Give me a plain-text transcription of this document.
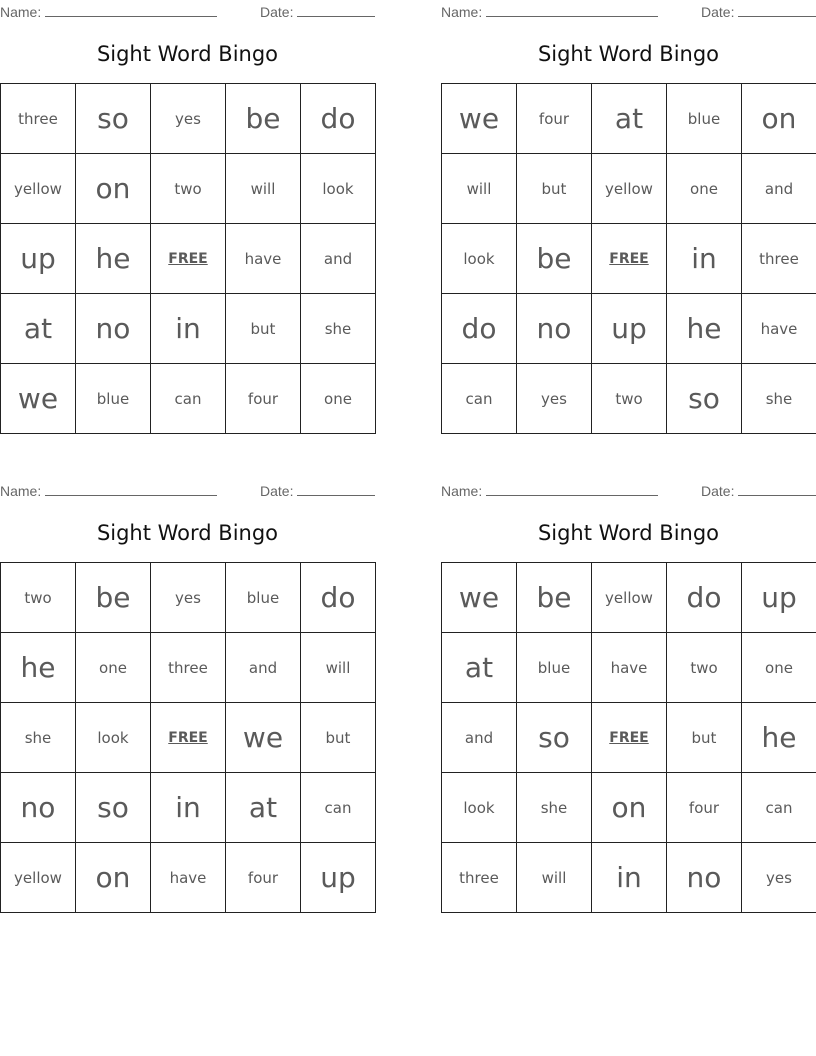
Name:	Date:
Sight Word Bingo
three	so	yes	be	do
yellow	on	two	will	look
up	he	FREE	have	and
at	no	in	but	she
we	blue	can	four	one
Name:	Date:
Sight Word Bingo
we	four	at	blue	on
will	but	yellow	one	and
look	be	FREE	in	three
do	no	up	he	have
can	yes	two	so	she
Name:	Date:
Sight Word Bingo
two	be	yes	blue	do
he	one	three	and	will
she	look	FREE	we	but
no	so	in	at	can
yellow	on	have	four	up
Name:	Date:
Sight Word Bingo
we	be	yellow	do	up
at	blue	have	two	one
and	so	FREE	but	he
look	she	on	four	can
three	will	in	no	yes
